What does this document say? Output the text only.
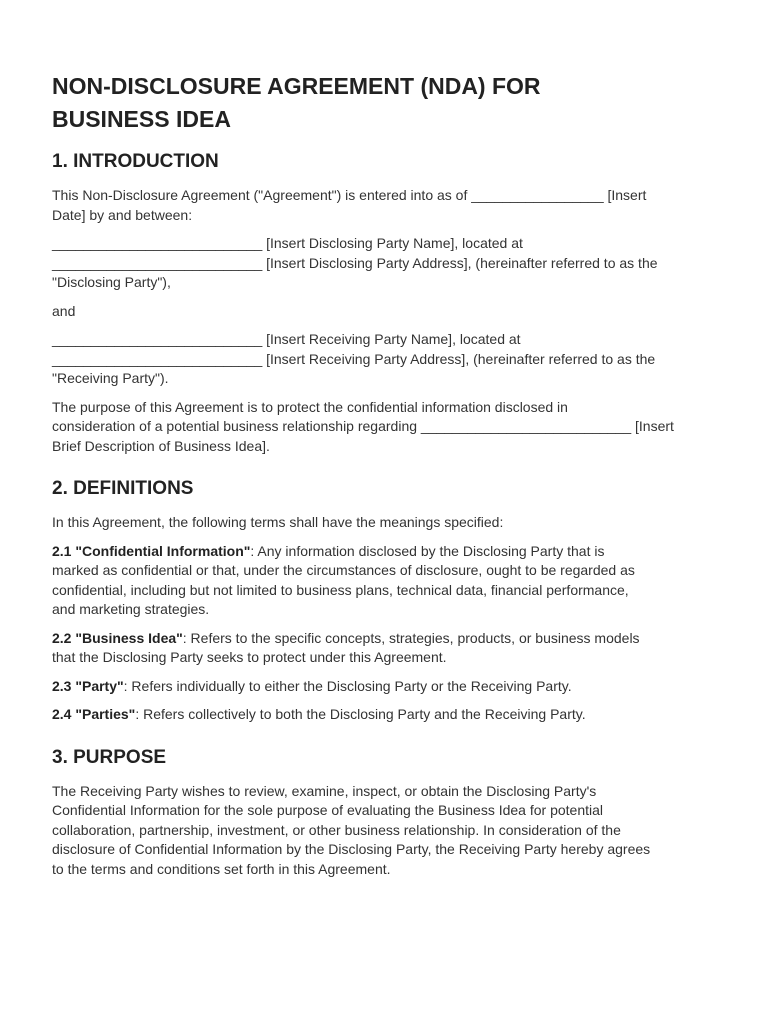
NON-DISCLOSURE AGREEMENT (NDA) FOR
BUSINESS IDEA
1. INTRODUCTION

This Non-Disclosure Agreement ("Agreement") is entered into as of _________________ [Insert
Date] by and between:

___________________________ [Insert Disclosing Party Name], located at
___________________________ [Insert Disclosing Party Address], (hereinafter referred to as the
"Disclosing Party"),

and

___________________________ [Insert Receiving Party Name], located at
___________________________ [Insert Receiving Party Address], (hereinafter referred to as the
"Receiving Party").

The purpose of this Agreement is to protect the confidential information disclosed in
consideration of a potential business relationship regarding ___________________________ [Insert
Brief Description of Business Idea].

2. DEFINITIONS

In this Agreement, the following terms shall have the meanings specified:

2.1 "Confidential Information": Any information disclosed by the Disclosing Party that is
marked as confidential or that, under the circumstances of disclosure, ought to be regarded as
confidential, including but not limited to business plans, technical data, financial performance,
and marketing strategies.

2.2 "Business Idea": Refers to the specific concepts, strategies, products, or business models
that the Disclosing Party seeks to protect under this Agreement.

2.3 "Party": Refers individually to either the Disclosing Party or the Receiving Party.

2.4 "Parties": Refers collectively to both the Disclosing Party and the Receiving Party.

3. PURPOSE

The Receiving Party wishes to review, examine, inspect, or obtain the Disclosing Party's
Confidential Information for the sole purpose of evaluating the Business Idea for potential
collaboration, partnership, investment, or other business relationship. In consideration of the
disclosure of Confidential Information by the Disclosing Party, the Receiving Party hereby agrees
to the terms and conditions set forth in this Agreement.
